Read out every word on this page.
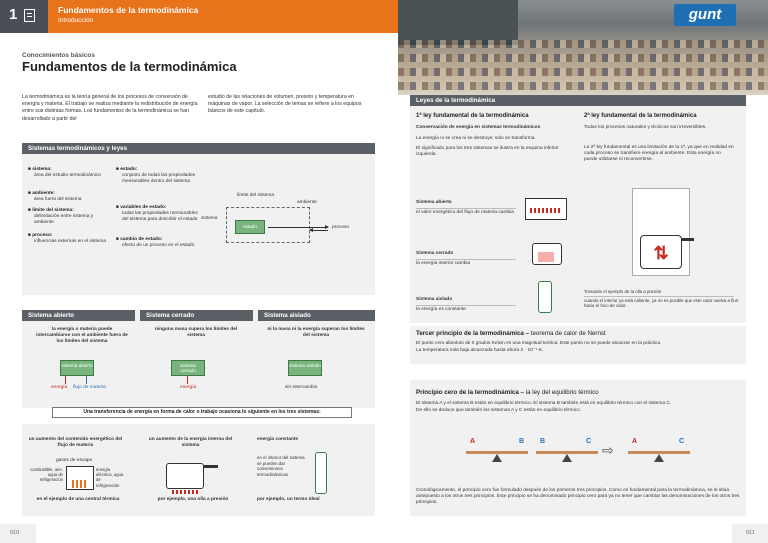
1	Fundamentos de la termodinámica
Introducción	gunt
Conocimientos básicos
Fundamentos de la termodinámica
La termodinámica es la teoría general de los procesos de conversión de energía y materia. El trabajo se realiza mediante la redistribución de energía entre sus distintas formas. Los fundamentos de la termodinámica se han desarrollado a partir del
estudio de las relaciones de volumen, presión y temperatura en máquinas de vapor. La selección de temas se refiere a los equipos básicos de este capítulo.
Sistemas termodinámicos y leyes
■ sistema:
área del estudio termodinámico
■ ambiente:
área fuera del sistema
■ límite del sistema:
delimitación entre sistema y ambiente
■ proceso:
influencias externas en el sistema
■ estado:
conjunto de todas las propiedades mensurables dentro del sistema
■ variables de estado:
todas las propiedades mensurables del sistema para describir el estado
■ cambio de estado:
efecto de un proceso en el estado
límite del sistema
ambiente
sistema
estado	proceso
Sistema abierto	Sistema cerrado	Sistema aislado
la energía o materia puede intercambiarse con el ambiente fuera de los límites del sistema
ninguna masa supera los límites del sistema
ni la masa ni la energía superan los límites del sistema
sistema abierto	sistema cerrado
sistema aislado
energía flujo de materia	energía	sin intercambio
Una transferencia de energía en forma de calor o trabajo ocasiona lo siguiente en los tres sistemas:
un aumento del contenido energético del flujo de materia
un aumento de la energía interna del sistema
energía constante
gases de escape
combustible, aire, agua de refrigeración
energía eléctrica, agua de refrigeración
en el interior del sistema se pueden dar conversiones termodinámicas
en el ejemplo de una central térmica	por ejemplo, una olla a presión	por ejemplo, un termo ideal
Leyes de la termodinámica
1ª ley fundamental de la termodinámica
Conservación de energía en sistemas termodinámicos
La energía ni se crea ni se destruye; solo se transforma.
El significado para los tres sistemas se ilustra en la esquina inferior izquierda.
2ª ley fundamental de la termodinámica
Todos los procesos naturales y técnicos son irreversibles.
La 2ª ley fundamental es una limitación de la 1ª, ya que en realidad en cada proceso se transfiere energía al ambiente. Esta energía no puede utilizarse ni reconvertirse.
Sistema abierto
el valor energético del flujo de materia cambia
Sistema cerrado
la energía interior cambia
Sistema aislado
la energía es constante
⇅
Tomando el ejemplo de la olla a presión
cuando el interior ya está caliente, ya no es posible que este calor vuelva a fluir hacia el foco de calor.
Tercer principio de la termodinámica – teorema de calor de Nernst
El punto cero absoluto de 0 grados Kelvin es una magnitud teórica. Este punto no se puede alcanzar en la práctica.
La temperatura más baja alcanzada hasta ahora 2 · 10⁻⁹ K.
Principio cero de la termodinámica – la ley del equilibrio térmico
El sistema A y el sistema B están en equilibrio térmico. El sistema B también está en equilibrio térmico con el sistema C.
De ello se deduce que también los sistemas A y C están en equilibrio térmico.
A	B B	C
⇨
A	C
Cronológicamente, el principio cero fue formulado después de los primeros tres principios. Como es fundamental para la termodinámica, se le sitúa antepuesto a los otros tres principios. Este principio se ha denominado principio cero para ya no tener que cambiar las denominaciones de los otros tres principios.
010	011
